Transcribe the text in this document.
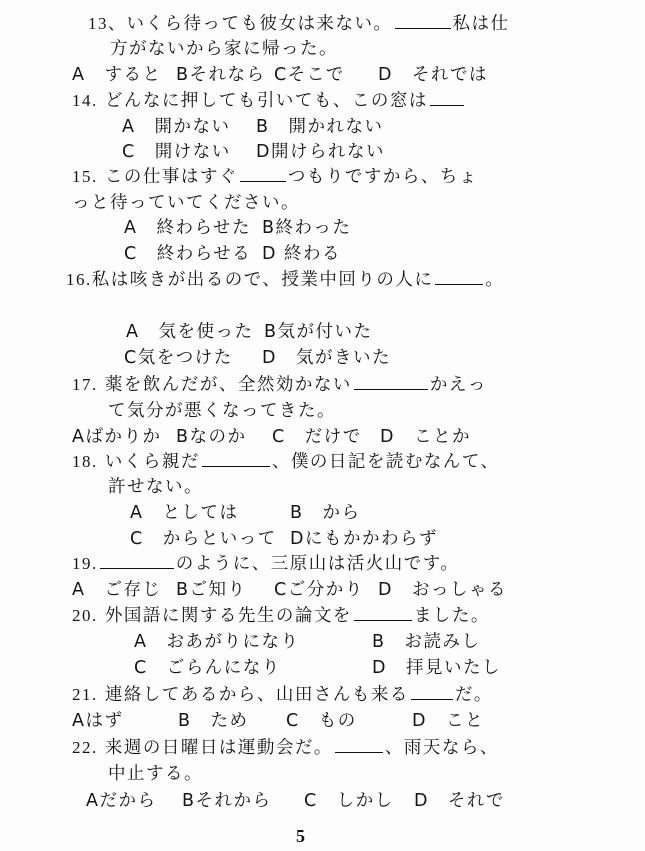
13、いくら待っても彼女は来ない。	私は仕
方がないから家に帰った。
A　すると Bそれなら Cそこで D　それでは
14. どんなに押しても引いても、この窓は
A　開かない B　開かれない
C　開けない D開けられない
15. この仕事はすぐ	つもりですから、ちょ
っと待っていてください。
A　終わらせた B終わった
C　終わらせる D 終わる
16.私は咳きが出るので、授業中回りの人に	。
A　気を使った B気が付いた
C気をつけた D　気がきいた
17. 薬を飲んだが、全然効かない	かえっ
て気分が悪くなってきた。
Aばかりか Bなのか C　だけで D　ことか
18. いくら親だ	、僕の日記を読むなんて、
許せない。
A　としては	B　から
C　からといって Dにもかかわらず
19.	のように、三原山は活火山です。
A　ご存じ Bご知り Cご分かり D　おっしゃる
20. 外国語に関する先生の論文を	ました。
A　おあがりになり	B　お読みし
C　ごらんになり	D　拝見いたし
21. 連絡してあるから、山田さんも来る	だ。
Aはず	B　ため C　もの	D　こと
22. 来週の日曜日は運動会だ。	、雨天なら、
中止する。
Aだから Bそれから C　しかし D　それで
5
